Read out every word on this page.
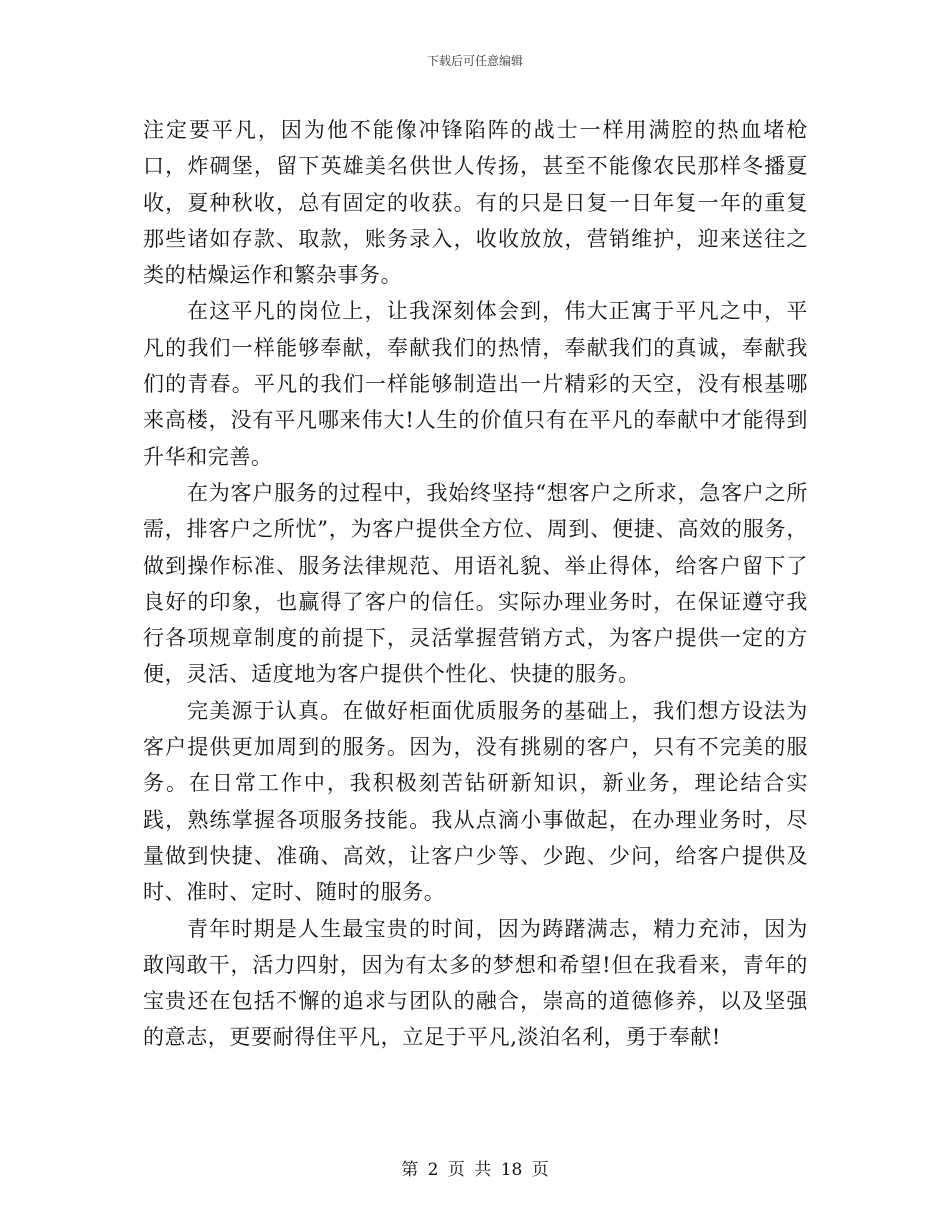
下载后可任意编辑

注定要平凡，因为他不能像冲锋陷阵的战士一样用满腔的热血堵枪口，炸碉堡，留下英雄美名供世人传扬，甚至不能像农民那样冬播夏收，夏种秋收，总有固定的收获。有的只是日复一日年复一年的重复那些诸如存款、取款，账务录入，收收放放，营销维护，迎来送往之类的枯燥运作和繁杂事务。

在这平凡的岗位上，让我深刻体会到，伟大正寓于平凡之中，平凡的我们一样能够奉献，奉献我们的热情，奉献我们的真诚，奉献我们的青春。平凡的我们一样能够制造出一片精彩的天空，没有根基哪来高楼，没有平凡哪来伟大!人生的价值只有在平凡的奉献中才能得到升华和完善。

在为客户服务的过程中，我始终坚持“想客户之所求，急客户之所需，排客户之所忧”，为客户提供全方位、周到、便捷、高效的服务，做到操作标准、服务法律规范、用语礼貌、举止得体，给客户留下了良好的印象，也赢得了客户的信任。实际办理业务时，在保证遵守我行各项规章制度的前提下，灵活掌握营销方式，为客户提供一定的方便，灵活、适度地为客户提供个性化、快捷的服务。

完美源于认真。在做好柜面优质服务的基础上，我们想方设法为客户提供更加周到的服务。因为，没有挑剔的客户，只有不完美的服务。在日常工作中，我积极刻苦钻研新知识，新业务，理论结合实践，熟练掌握各项服务技能。我从点滴小事做起，在办理业务时，尽量做到快捷、准确、高效，让客户少等、少跑、少问，给客户提供及时、准时、定时、随时的服务。

青年时期是人生最宝贵的时间，因为踌躇满志，精力充沛，因为敢闯敢干，活力四射，因为有太多的梦想和希望!但在我看来，青年的宝贵还在包括不懈的追求与团队的融合，崇高的道德修养，以及坚强的意志，更要耐得住平凡，立足于平凡,淡泊名利，勇于奉献!

第 2 页 共 18 页
